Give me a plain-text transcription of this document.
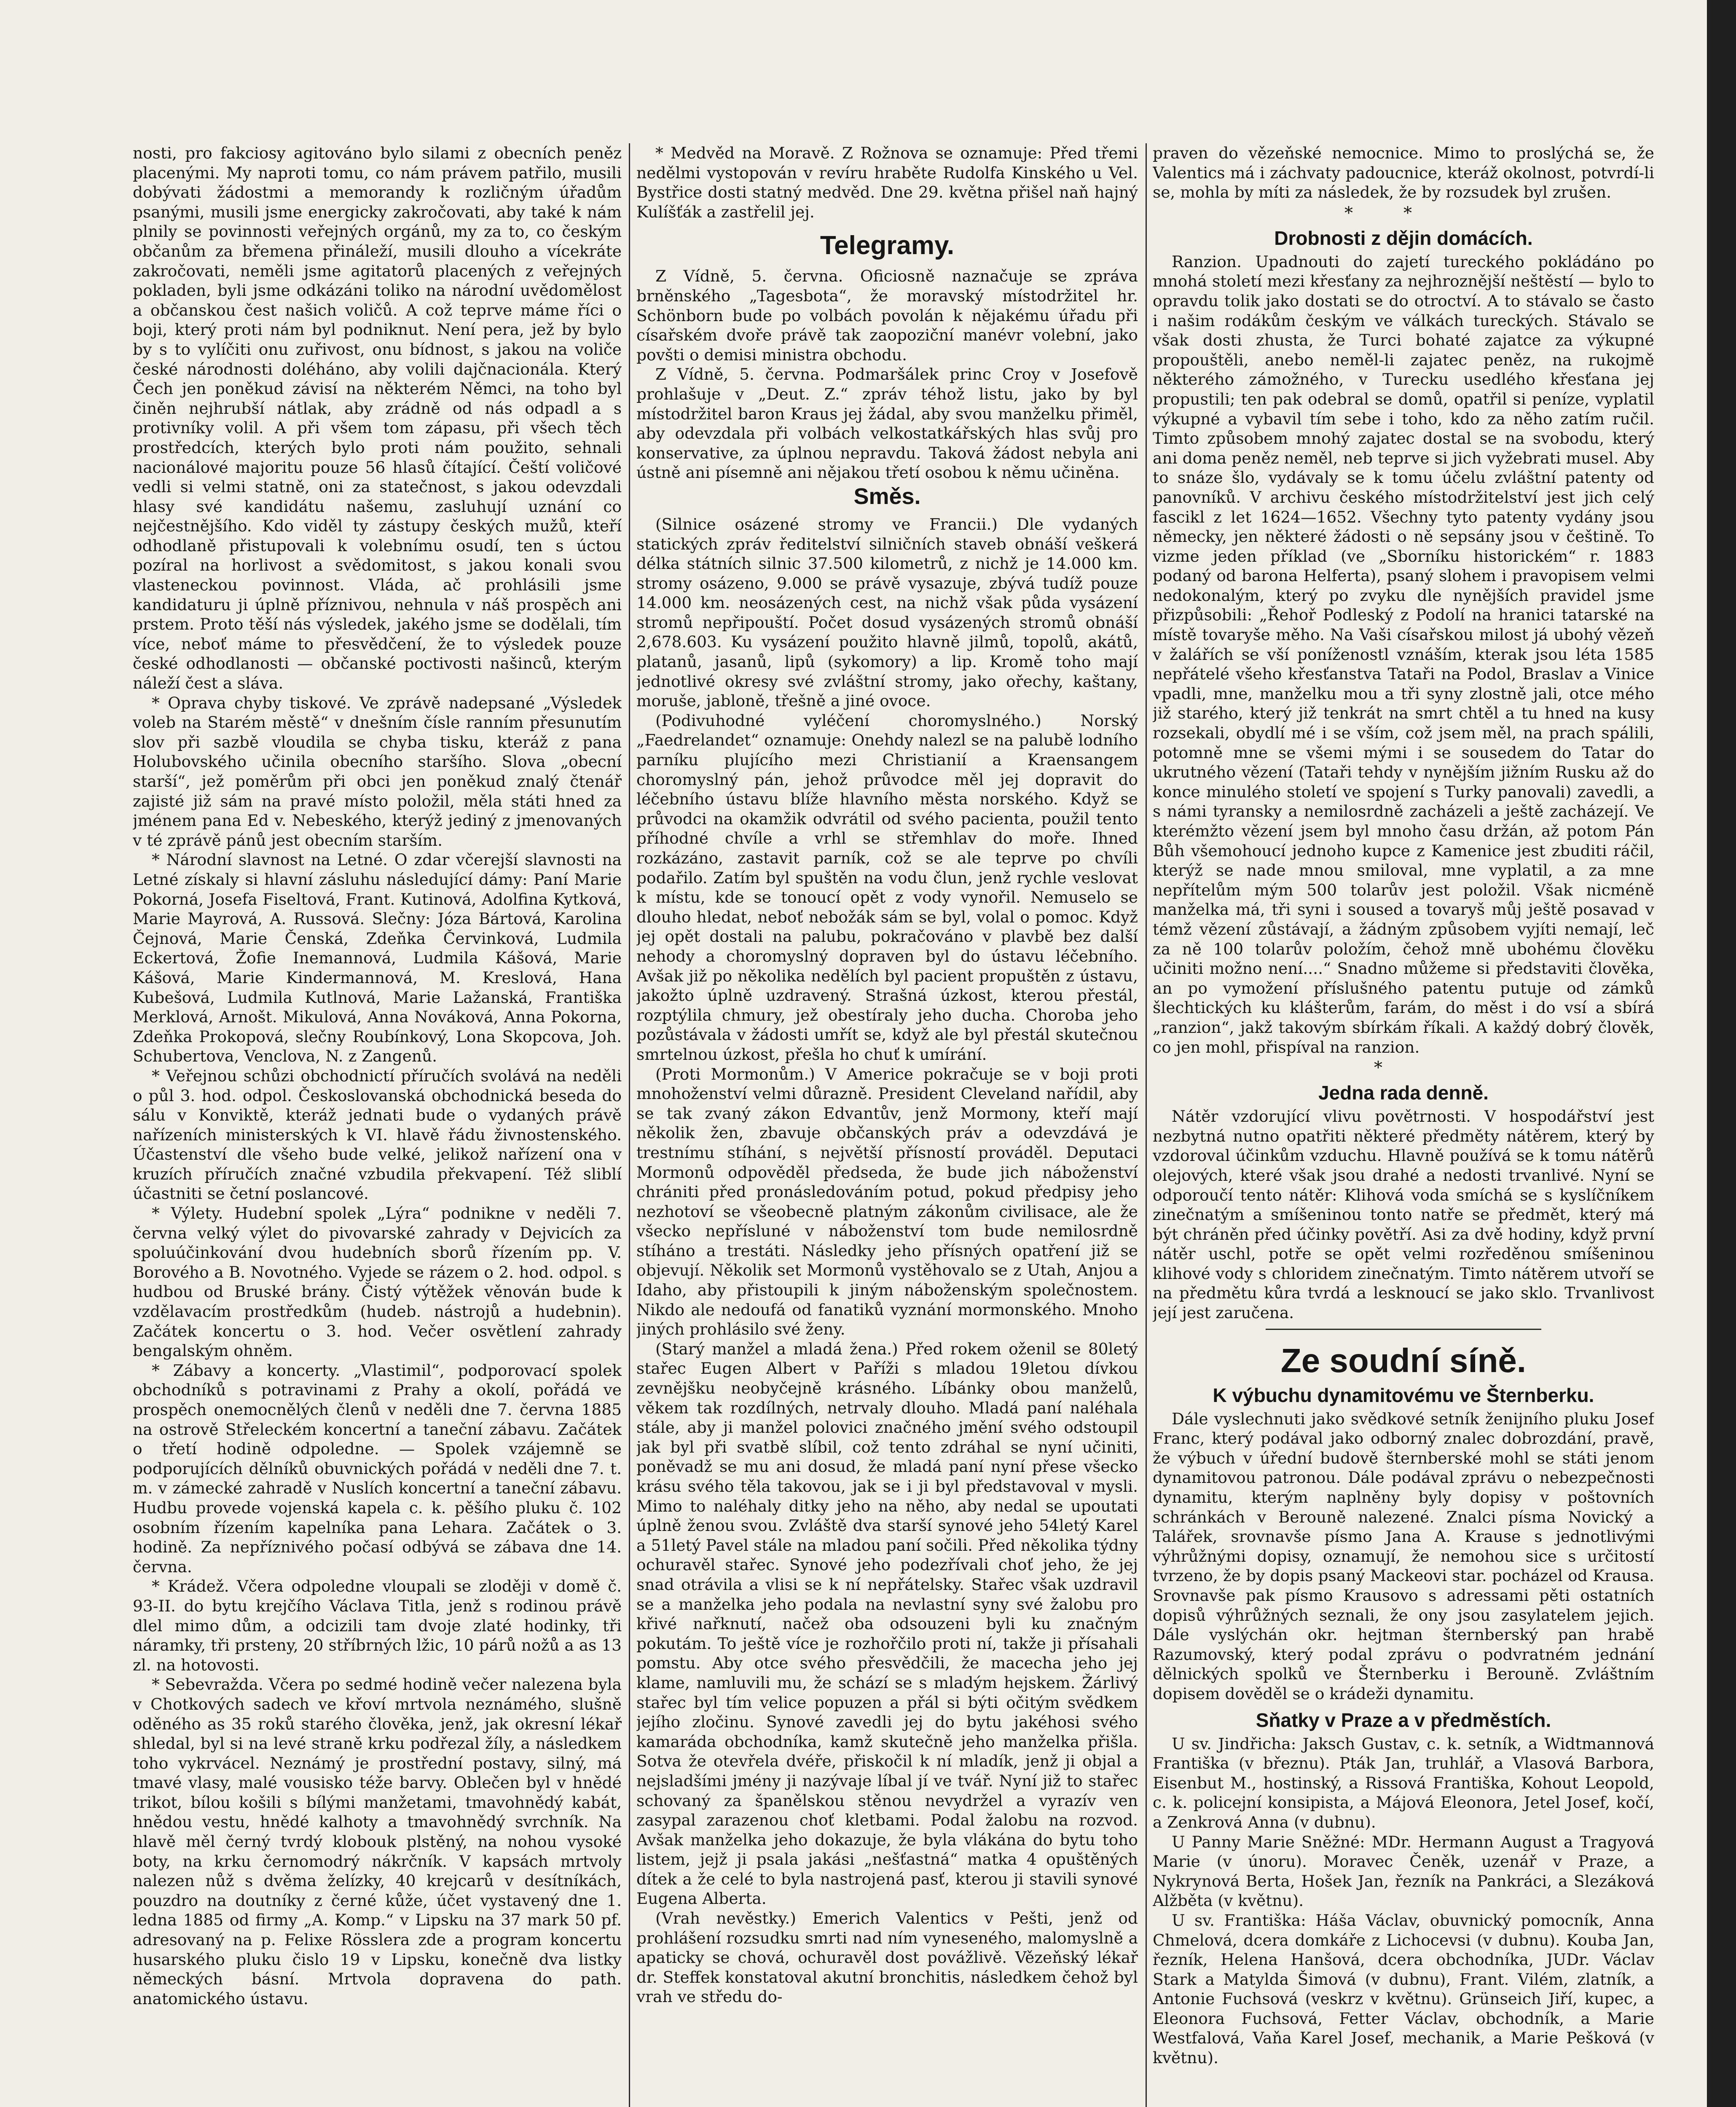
nosti, pro fakciosy agitováno bylo silami z obecních peněz placenými. My naproti tomu, co nám právem patřilo, musili dobývati žádostmi a memorandy k rozličným úřadům psanými, musili jsme energicky zakročovati, aby také k nám plnily se povinnosti veřejných orgánů, my za to, co českým občanům za břemena přináleží, musili dlouho a vícekráte zakročovati, neměli jsme agitatorů placených z veřejných pokladen, byli jsme odkázáni toliko na národní uvědomělost a občanskou čest našich voličů. A což teprve máme říci o boji, který proti nám byl podniknut. Není pera, jež by bylo by s to vylíčiti onu zuřivost, onu bídnost, s jakou na voliče české národnosti doléháno, aby volili dajčnacionála. Který Čech jen poněkud závisí na některém Němci, na toho byl činěn nejhrubší nátlak, aby zrádně od nás odpadl a s protivníky volil. A při všem tom zápasu, při všech těch prostředcích, kterých bylo proti nám použito, sehnali nacionálové majoritu pouze 56 hlasů čítající. Čeští voličové vedli si velmi statně, oni za statečnost, s jakou odevzdali hlasy své kandidátu našemu, zasluhují uznání co nejčestnějšího. Kdo viděl ty zástupy českých mužů, kteří odhodlaně přistupovali k volebnímu osudí, ten s úctou pozíral na horlivost a svědomitost, s jakou konali svou vlasteneckou povinnost. Vláda, ač prohlásili jsme kandidaturu ji úplně příznivou, nehnula v náš prospěch ani prstem. Proto těší nás výsledek, jakého jsme se dodělali, tím více, neboť máme to přesvědčení, že to výsledek pouze české odhodlanosti — občanské poctivosti našinců, kterým náleží čest a sláva.

* Oprava chyby tiskové. Ve zprávě nadepsané „Výsledek voleb na Starém městě“ v dnešním čísle ranním přesunutím slov při sazbě vloudila se chyba tisku, kteráž z pana Holubovského učinila obecního staršího. Slova „obecní starší“, jež poměrům při obci jen poněkud znalý čtenář zajisté již sám na pravé místo položil, měla státi hned za jménem pana Ed v. Nebeského, kterýž jediný z jmenovaných v té zprávě pánů jest obecním starším.

* Národní slavnost na Letné. O zdar včerejší slavnosti na Letné získaly si hlavní zásluhu následující dámy: Paní Marie Pokorná, Josefa Fiseltová, Frant. Kutinová, Adolfina Kytková, Marie Mayrová, A. Russová. Slečny: Józa Bártová, Karolina Čejnová, Marie Čenská, Zdeňka Červinková, Ludmila Eckertová, Žofie Inemannová, Ludmila Kášová, Marie Kášová, Marie Kindermannová, M. Kreslová, Hana Kubešová, Ludmila Kutlnová, Marie Lažanská, Františka Merklová, Arnošt. Mikulová, Anna Nováková, Anna Pokorna, Zdeňka Prokopová, slečny Roubínkový, Lona Skopcova, Joh. Schubertova, Venclova, N. z Zangenů.

* Veřejnou schůzi obchodnictí příručích svolává na neděli o půl 3. hod. odpol. Českoslovanská obchodnická beseda do sálu v Konviktě, kteráž jednati bude o vydaných právě nařízeních ministerských k VI. hlavě řádu živnostenského. Účastenství dle všeho bude velké, jelikož nařízení ona v kruzích příručích značné vzbudila překvapení. Též sliblí účastniti se četní poslancové.

* Výlety. Hudební spolek „Lýra“ podnikne v neděli 7. června velký výlet do pivovarské zahrady v Dejvicích za spoluúčinkování dvou hudebních sborů řízením pp. V. Borového a B. Novotného. Vyjede se rázem o 2. hod. odpol. s hudbou od Bruské brány. Čistý výtěžek věnován bude k vzdělavacím prostředkům (hudeb. nástrojů a hudebnin). Začátek koncertu o 3. hod. Večer osvětlení zahrady bengalským ohněm.

* Zábavy a koncerty. „Vlastimil“, podporovací spolek obchodníků s potravinami z Prahy a okolí, pořádá ve prospěch onemocnělých členů v neděli dne 7. června 1885 na ostrově Střeleckém koncertní a taneční zábavu. Začátek o třetí hodině odpoledne. — Spolek vzájemně se podporujících dělníků obuvnických pořádá v neděli dne 7. t. m. v zámecké zahradě v Nuslích koncertní a taneční zábavu. Hudbu provede vojenská kapela c. k. pěšího pluku č. 102 osobním řízením kapelníka pana Lehara. Začátek o 3. hodině. Za nepříznivého počasí odbývá se zábava dne 14. června.

* Krádež. Včera odpoledne vloupali se zloději v domě č. 93-II. do bytu krejčího Václava Titla, jenž s rodinou právě dlel mimo dům, a odcizili tam dvoje zlaté hodinky, tři náramky, tři prsteny, 20 stříbrných lžic, 10 párů nožů a as 13 zl. na hotovosti.

* Sebevražda. Včera po sedmé hodině večer nalezena byla v Chotkových sadech ve křoví mrtvola neznámého, slušně oděného as 35 roků starého člověka, jenž, jak okresní lékař shledal, byl si na levé straně krku podřezal žíly, a následkem toho vykrvácel. Neznámý je prostřední postavy, silný, má tmavé vlasy, malé vousisko téže barvy. Oblečen byl v hnědé trikot, bílou košili s bílými manžetami, tmavohnědý kabát, hnědou vestu, hnědé kalhoty a tmavohnědý svrchník. Na hlavě měl černý tvrdý klobouk plstěný, na nohou vysoké boty, na krku černomodrý nákrčník. V kapsách mrtvoly nalezen nůž s dvěma želízky, 40 krejcarů v desítníkách, pouzdro na doutníky z černé kůže, účet vystavený dne 1. ledna 1885 od firmy „A. Komp.“ v Lipsku na 37 mark 50 pf. adresovaný na p. Felixe Rösslera zde a program koncertu husarského pluku čislo 19 v Lipsku, konečně dva listky německých básní. Mrtvola dopravena do path. anatomického ústavu.

* Medvěd na Moravě. Z Rožnova se oznamuje: Před třemi nedělmi vystopován v revíru hraběte Rudolfa Kinského u Vel. Bystřice dosti statný medvěd. Dne 29. května přišel naň hajný Kulíšťák a zastřelil jej.

Telegramy.

Z Vídně, 5. června. Oficiosně naznačuje se zpráva brněnského „Tagesbota“, že moravský místodržitel hr. Schönborn bude po volbách povolán k nějakému úřadu při císařském dvoře právě tak zaopoziční manévr volební, jako povšti o demisi ministra obchodu.

Z Vídně, 5. června. Podmaršálek princ Croy v Josefově prohlašuje v „Deut. Z.“ zpráv téhož listu, jako by byl místodržitel baron Kraus jej žádal, aby svou manželku přiměl, aby odevzdala při volbách velkostatkářských hlas svůj pro konservative, za úplnou nepravdu. Taková žádost nebyla ani ústně ani písemně ani nějakou třetí osobou k němu učiněna.

Směs.

(Silnice osázené stromy ve Francii.) Dle vydaných statických zpráv ředitelství silničních staveb obnáší veškerá délka státních silnic 37.500 kilometrů, z nichž je 14.000 km. stromy osázeno, 9.000 se právě vysazuje, zbývá tudíž pouze 14.000 km. neosázených cest, na nichž však půda vysázení stromů nepřipouští. Počet dosud vysázených stromů obnáší 2,678.603. Ku vysázení použito hlavně jilmů, topolů, akátů, platanů, jasanů, lipů (sykomory) a lip. Kromě toho mají jednotlivé okresy své zvláštní stromy, jako ořechy, kaštany, moruše, jabloně, třešně a jiné ovoce.

(Podivuhodné vyléčení choromyslného.) Norský „Faedrelandet“ oznamuje: Onehdy nalezl se na palubě lodního parníku plujícího mezi Christianií a Kraensangem choromyslný pán, jehož průvodce měl jej dopravit do léčebního ústavu blíže hlavního města norského. Když se průvodci na okamžik odvrátil od svého pacienta, použil tento příhodné chvíle a vrhl se střemhlav do moře. Ihned rozkázáno, zastavit parník, což se ale teprve po chvíli podařilo. Zatím byl spuštěn na vodu člun, jenž rychle veslovat k místu, kde se tonoucí opět z vody vynořil. Nemuselo se dlouho hledat, neboť nebožák sám se byl, volal o pomoc. Když jej opět dostali na palubu, pokračováno v plavbě bez další nehody a choromyslný dopraven byl do ústavu léčebního. Avšak již po několika nedělích byl pacient propuštěn z ústavu, jakožto úplně uzdravený. Strašná úzkost, kterou přestál, rozptýlila chmury, jež obestíraly jeho ducha. Choroba jeho pozůstávala v žádosti umřít se, když ale byl přestál skutečnou smrtelnou úzkost, přešla ho chuť k umírání.

(Proti Mormonům.) V Americe pokračuje se v boji proti mnohoženství velmi důrazně. President Cleveland nařídil, aby se tak zvaný zákon Edvantův, jenž Mormony, kteří mají několik žen, zbavuje občanských práv a odevzdává je trestnímu stíhání, s největší přísností prováděl. Deputaci Mormonů odpověděl předseda, že bude jich náboženství chrániti před pronásledováním potud, pokud předpisy jeho nezhotoví se všeobecně platným zákonům civilisace, ale že všecko nepřísluné v náboženství tom bude nemilosrdně stíháno a trestáti. Následky jeho přísných opatření již se objevují. Několik set Mormonů vystěhovalo se z Utah, Anjou a Idaho, aby přistoupili k jiným náboženským společnostem. Nikdo ale nedoufá od fanatiků vyznání mormonského. Mnoho jiných prohlásilo své ženy.

(Starý manžel a mladá žena.) Před rokem oženil se 80letý stařec Eugen Albert v Paříži s mladou 19letou dívkou zevnějšku neobyčejně krásného. Líbánky obou manželů, věkem tak rozdílných, netrvaly dlouho. Mladá paní naléhala stále, aby ji manžel polovici značného jmění svého odstoupil jak byl při svatbě slíbil, což tento zdráhal se nyní učiniti, poněvadž se mu ani dosud, že mladá paní nyní přese všecko krásu svého těla takovou, jak se i ji byl představoval v mysli. Mimo to naléhaly ditky jeho na něho, aby nedal se upoutati úplně ženou svou. Zvláště dva starší synové jeho 54letý Karel a 51letý Pavel stále na mladou paní sočili. Před několika týdny ochuravěl stařec. Synové jeho podezřívali choť jeho, že jej snad otrávila a vlisi se k ní nepřátelsky. Stařec však uzdravil se a manželka jeho podala na nevlastní syny své žalobu pro křivé nařknutí, načež oba odsouzeni byli ku značným pokutám. To ještě více je rozhořčilo proti ní, takže ji přísahali pomstu. Aby otce svého přesvědčili, že macecha jeho jej klame, namluvili mu, že schází se s mladým hejskem. Žárlivý stařec byl tím velice popuzen a přál si býti očitým svědkem jejího zločinu. Synové zavedli jej do bytu jakéhosi svého kamaráda obchodníka, kamž skutečně jeho manželka přišla. Sotva že otevřela dvéře, přiskočil k ní mladík, jenž ji objal a nejsladšími jmény ji nazývaje líbal jí ve tvář. Nyní již to stařec schovaný za španělskou stěnou nevydržel a vyrazív ven zasypal zarazenou choť kletbami. Podal žalobu na rozvod. Avšak manželka jeho dokazuje, že byla vlákána do bytu toho listem, jejž ji psala jakási „nešťastná“ matka 4 opuštěných dítek a že celé to byla nastrojená pasť, kterou ji stavili synové Eugena Alberta.

(Vrah nevěstky.) Emerich Valentics v Pešti, jenž od prohlášení rozsudku smrti nad ním vyneseného, malomyslně a apaticky se chová, ochuravěl dost povážlivě. Vězeňský lékař dr. Steffek konstatoval akutní bronchitis, následkem čehož byl vrah ve středu do-

praven do vězeňské nemocnice. Mimo to proslýchá se, že Valentics má i záchvaty padoucnice, kteráž okolnost, potvrdí-li se, mohla by míti za následek, že by rozsudek byl zrušen.

**
Drobnosti z dějin domácích.

Ranzion. Upadnouti do zajetí tureckého pokládáno po mnohá století mezi křesťany za nejhroznější neštěstí — bylo to opravdu tolik jako dostati se do otroctví. A to stávalo se často i našim rodákům českým ve válkách tureckých. Stávalo se však dosti zhusta, že Turci bohaté zajatce za výkupné propouštěli, anebo neměl-li zajatec peněz, na rukojmě některého zámožného, v Turecku usedlého křesťana jej propustili; ten pak odebral se domů, opatřil si peníze, vyplatil výkupné a vybavil tím sebe i toho, kdo za něho zatím ručil. Timto způsobem mnohý zajatec dostal se na svobodu, který ani doma peněz neměl, neb teprve si jich vyžebrati musel. Aby to snáze šlo, vydávaly se k tomu účelu zvláštní patenty od panovníků. V archivu českého místodržitelství jest jich celý fascikl z let 1624—1652. Všechny tyto patenty vydány jsou německy, jen některé žádosti o ně sepsány jsou v češtině. To vizme jeden příklad (ve „Sborníku historickém“ r. 1883 podaný od barona Helferta), psaný slohem i pravopisem velmi nedokonalým, který po zvyku dle nynějších pravidel jsme přizpůsobili: „Řehoř Podleský z Podolí na hranici tatarské na místě tovaryše měho. Na Vaši císařskou milost já ubohý vězeň v žalářích se vší poníženostl vznáším, kterak jsou léta 1585 nepřátelé všeho křesťanstva Tataři na Podol, Braslav a Vinice vpadli, mne, manželku mou a tři syny zlostně jali, otce mého již starého, který již tenkrát na smrt chtěl a tu hned na kusy rozsekali, obydlí mé i se vším, což jsem měl, na prach spálili, potomně mne se všemi mými i se sousedem do Tatar do ukrutného vězení (Tataři tehdy v nynějším jižním Rusku až do konce minulého století ve spojení s Turky panovali) zavedli, a s námi tyransky a nemilosrdně zacházeli a ještě zacházejí. Ve kterémžto vězení jsem byl mnoho času držán, až potom Pán Bůh všemohoucí jednoho kupce z Kamenice jest zbuditi ráčil, kterýž se nade mnou smiloval, mne vyplatil, a za mne nepřítelům mým 500 tolarův jest položil. Však nicméně manželka má, tři syni i soused a tovaryš můj ještě posavad v témž vězení zůstávají, a žádným způsobem vyjíti nemají, leč za ně 100 tolarův položím, čehož mně ubohému člověku učiniti možno není....“ Snadno můžeme si představiti člověka, an po vymožení příslušného patentu putuje od zámků šlechtických ku klášterům, farám, do měst i do vsí a sbírá „ranzion“, jakž takovým sbírkám říkali. A každý dobrý člověk, co jen mohl, přispíval na ranzion.

*
Jedna rada denně.

Nátěr vzdorující vlivu povětrnosti. V hospodářství jest nezbytná nutno opatřiti některé předměty nátěrem, který by vzdoroval účinkům vzduchu. Hlavně používá se k tomu nátěrů olejových, které však jsou drahé a nedosti trvanlivé. Nyní se odporoučí tento nátěr: Klihová voda smíchá se s kyslíčníkem zinečnatým a smíšeninou tonto natře se předmět, který má být chráněn před účinky povětří. Asi za dvě hodiny, když první nátěr uschl, potře se opět velmi rozředěnou smíšeninou klihové vody s chloridem zinečnatým. Timto nátěrem utvoří se na předmětu kůra tvrdá a lesknoucí se jako sklo. Trvanlivost její jest zaručena.

Ze soudní síně.
K výbuchu dynamitovému ve Šternberku.

Dále vyslechnuti jako svědkové setník ženijního pluku Josef Franc, který podával jako odborný znalec dobrozdání, pravě, že výbuch v úřední budově šternberské mohl se státi jenom dynamitovou patronou. Dále podával zprávu o nebezpečnosti dynamitu, kterým naplněny byly dopisy v poštovních schránkách v Berouně nalezené. Znalci písma Novický a Talářek, srovnavše písmo Jana A. Krause s jednotlivými výhrůžnými dopisy, oznamují, že nemohou sice s určitostí tvrzeno, že by dopis psaný Mackeovi star. pocházel od Krausa. Srovnavše pak písmo Krausovo s adressami pěti ostatních dopisů výhrůžných seznali, že ony jsou zasylatelem jejich. Dále vyslýchán okr. hejtman šternberský pan hrabě Razumovský, který podal zprávu o podvratném jednání dělnických spolků ve Šternberku i Berouně. Zvláštním dopisem dověděl se o krádeži dynamitu.

Sňatky v Praze a v předměstích.

U sv. Jindřicha: Jaksch Gustav, c. k. setník, a Widtmannová Františka (v březnu). Pták Jan, truhlář, a Vlasová Barbora, Eisenbut M., hostinský, a Rissová Františka, Kohout Leopold, c. k. policejní konsipista, a Májová Eleonora, Jetel Josef, kočí, a Zenkrová Anna (v dubnu).

U Panny Marie Sněžné: MDr. Hermann August a Tragyová Marie (v únoru). Moravec Čeněk, uzenář v Praze, a Nykrynová Berta, Hošek Jan, řezník na Pankráci, a Slezáková Alžběta (v květnu).

U sv. Františka: Háša Václav, obuvnický pomocník, Anna Chmelová, dcera domkáře z Lichocevsi (v dubnu). Kouba Jan, řezník, Helena Hanšová, dcera obchodníka, JUDr. Václav Stark a Matylda Šimová (v dubnu), Frant. Vilém, zlatník, a Antonie Fuchsová (veskrz v květnu). Grünseich Jiří, kupec, a Eleonora Fuchsová, Fetter Václav, obchodník, a Marie Westfalová, Vaňa Karel Josef, mechanik, a Marie Pešková (v květnu).
